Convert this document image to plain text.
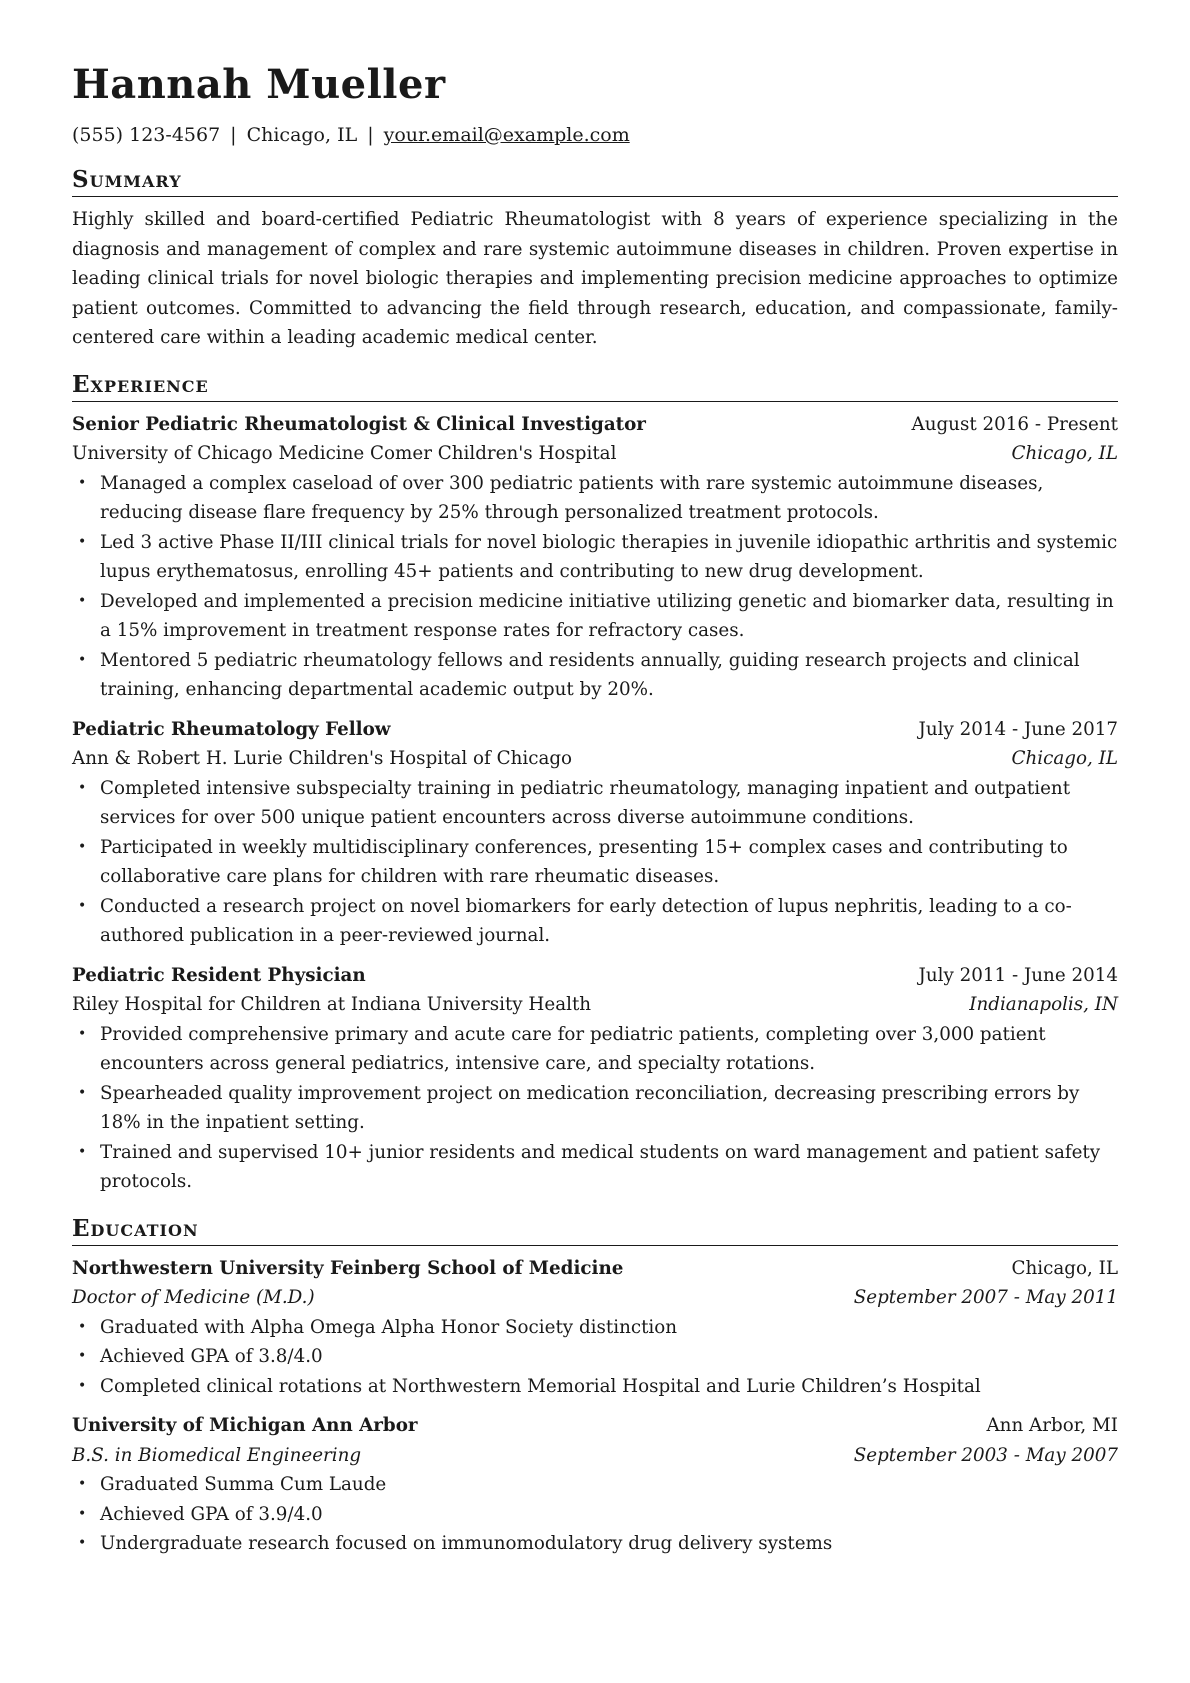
Hannah Mueller
(555) 123-4567 | Chicago, IL | your.email@example.com
Summary

Highly skilled and board-certified Pediatric Rheumatologist with 8 years of experience specializing in the diagnosis and management of complex and rare systemic autoimmune diseases in children. Proven expertise in leading clinical trials for novel biologic therapies and implementing precision medicine approaches to optimize patient outcomes. Committed to advancing the field through research, education, and compassionate, family-centered care within a leading academic medical center.

Experience
Senior Pediatric Rheumatologist & Clinical Investigator	August 2016 - Present
University of Chicago Medicine Comer Children's Hospital	Chicago, IL
• Managed a complex caseload of over 300 pediatric patients with rare systemic autoimmune diseases, reducing disease flare frequency by 25% through personalized treatment protocols.
• Led 3 active Phase II/III clinical trials for novel biologic therapies in juvenile idiopathic arthritis and systemic lupus erythematosus, enrolling 45+ patients and contributing to new drug development.
• Developed and implemented a precision medicine initiative utilizing genetic and biomarker data, resulting in a 15% improvement in treatment response rates for refractory cases.
• Mentored 5 pediatric rheumatology fellows and residents annually, guiding research projects and clinical training, enhancing departmental academic output by 20%.
Pediatric Rheumatology Fellow	July 2014 - June 2017
Ann & Robert H. Lurie Children's Hospital of Chicago	Chicago, IL
• Completed intensive subspecialty training in pediatric rheumatology, managing inpatient and outpatient services for over 500 unique patient encounters across diverse autoimmune conditions.
• Participated in weekly multidisciplinary conferences, presenting 15+ complex cases and contributing to collaborative care plans for children with rare rheumatic diseases.
• Conducted a research project on novel biomarkers for early detection of lupus nephritis, leading to a co-authored publication in a peer-reviewed journal.
Pediatric Resident Physician	July 2011 - June 2014
Riley Hospital for Children at Indiana University Health	Indianapolis, IN
• Provided comprehensive primary and acute care for pediatric patients, completing over 3,000 patient encounters across general pediatrics, intensive care, and specialty rotations.
• Spearheaded quality improvement project on medication reconciliation, decreasing prescribing errors by 18% in the inpatient setting.
• Trained and supervised 10+ junior residents and medical students on ward management and patient safety protocols.
Education
Northwestern University Feinberg School of Medicine	Chicago, IL
Doctor of Medicine (M.D.)	September 2007 - May 2011
• Graduated with Alpha Omega Alpha Honor Society distinction
• Achieved GPA of 3.8/4.0
• Completed clinical rotations at Northwestern Memorial Hospital and Lurie Children’s Hospital
University of Michigan Ann Arbor	Ann Arbor, MI
B.S. in Biomedical Engineering	September 2003 - May 2007
• Graduated Summa Cum Laude
• Achieved GPA of 3.9/4.0
• Undergraduate research focused on immunomodulatory drug delivery systems
